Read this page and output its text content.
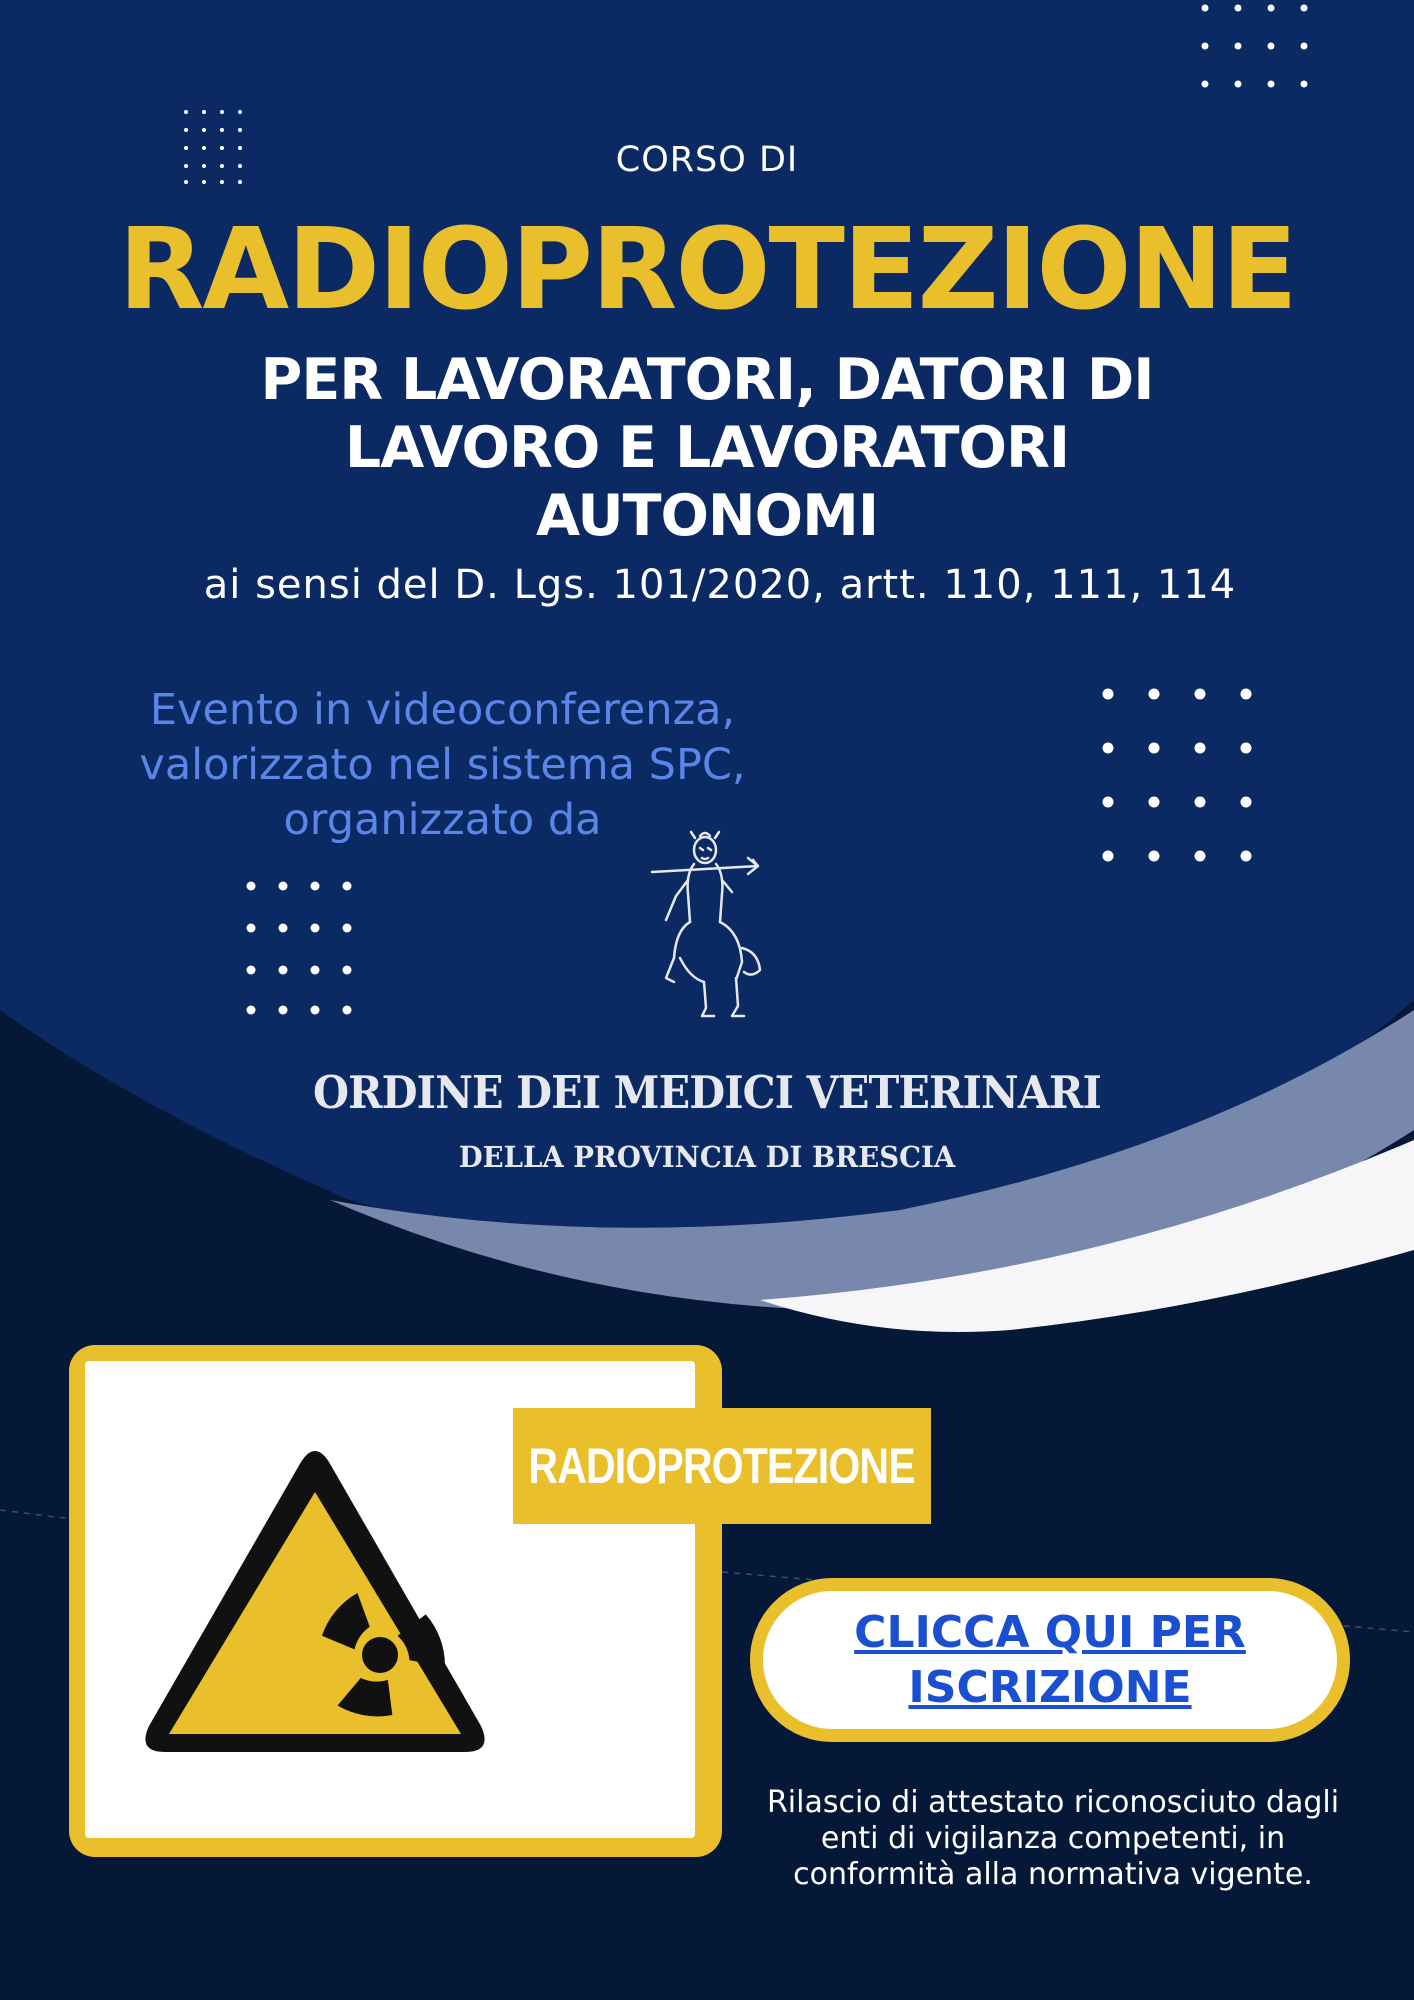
CORSO DI

RADIOPROTEZIONE
PER LAVORATORI, DATORI DI LAVORO E LAVORATORI AUTONOMI

ai sensi del D. Lgs. 101/2020, artt. 110, 111, 114

Evento in videoconferenza, valorizzato nel sistema SPC, organizzato da

ORDINE DEI MEDICI VETERINARI
DELLA PROVINCIA DI BRESCIA
RADIOPROTEZIONE
CLICCA QUI PER ISCRIZIONE

Rilascio di attestato riconosciuto dagli enti di vigilanza competenti, in conformità alla normativa vigente.
